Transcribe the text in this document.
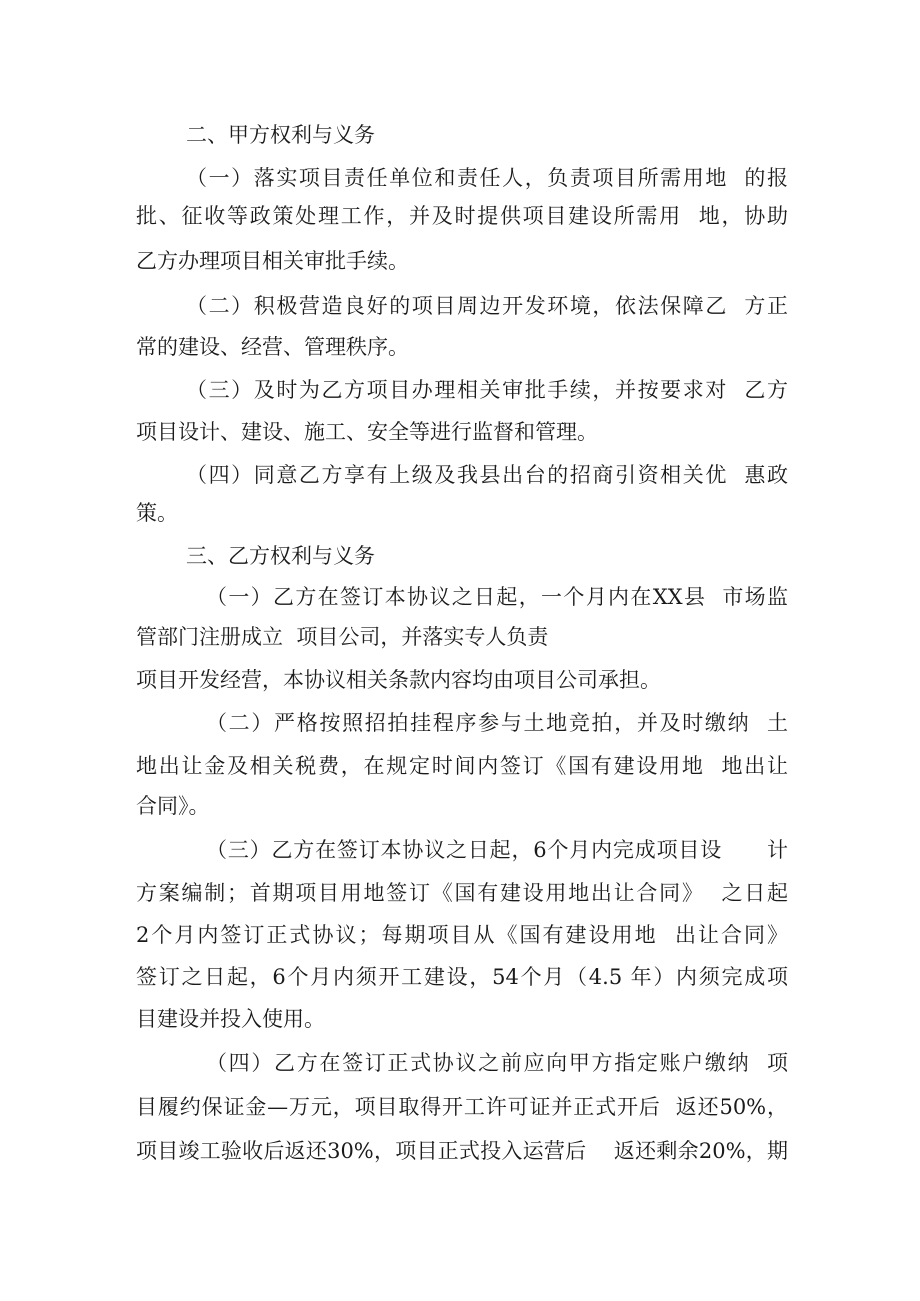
二、甲方权利与义务
（一）落实项目责任单位和责任人，负责项目所需用地  的报
批、征收等政策处理工作，并及时提供项目建设所需用  地，协助
乙方办理项目相关审批手续。
（二）积极营造良好的项目周边开发环境，依法保障乙  方正
常的建设、经营、管理秩序。
（三）及时为乙方项目办理相关审批手续，并按要求对  乙方
项目设计、建设、施工、安全等进行监督和管理。
（四）同意乙方享有上级及我县出台的招商引资相关优  惠政
策。
三、乙方权利与义务
（一）乙方在签订本协议之日起，一个月内在XX县  市场监
管部门注册成立  项目公司，并落实专人负责
项目开发经营，本协议相关条款内容均由项目公司承担。
（二）严格按照招拍挂程序参与土地竞拍，并及时缴纳  土
地出让金及相关税费，在规定时间内签订《国有建设用地  地出让
合同》。
（三）乙方在签订本协议之日起，6个月内完成项目设      计
方案编制；首期项目用地签订《国有建设用地出让合同》  之日起
2个月内签订正式协议；每期项目从《国有建设用地  出让合同》
签订之日起，6个月内须开工建设，54个月（4.5 年）内须完成项
目建设并投入使用。
（四）乙方在签订正式协议之前应向甲方指定账户缴纳  项
目履约保证金—万元，项目取得开工许可证并正式开后  返还50%，
项目竣工验收后返还30%，项目正式投入运营后    返还剩余20%，期
